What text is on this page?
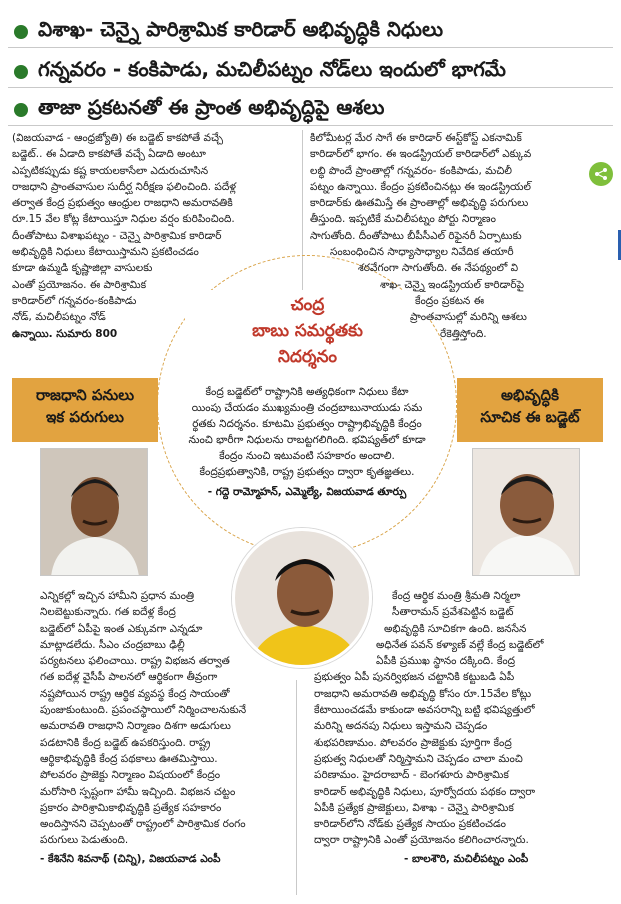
విశాఖ- చెన్నై పారిశ్రామిక కారిడార్ అభివృద్ధికి నిధులు
గన్నవరం - కంకిపాడు, మచిలీపట్నం నోడ్‌లు ఇందులో భాగమే
తాజా ప్రకటనతో ఈ ప్రాంత అభివృద్ధిపై ఆశలు
(విజయవాడ - ఆంధ్రజ్యోతి) ఈ బడ్జెట్ కాకపోతే వచ్చే
బడ్జెట్.. ఈ ఏడాది కాకపోతే వచ్చే ఏడాది అంటూ
ఎప్పటికప్పుడు కష్ట కాయలకాసేలా ఎదురుచూసిన
రాజధాని ప్రాంతవాసుల సుదీర్ఘ నిరీక్షణ ఫలించింది. పదేళ్ల
తర్వాత కేంద్ర ప్రభుత్వం ఆంధ్రుల రాజధాని అమరావతికి
రూ.15 వేల కోట్ల కేటాయిస్తూ నిధుల వర్షం కురిపించింది.
దీంతోపాటు విశాఖపట్నం - చెన్నై పారిశ్రామిక కారిడార్
అభివృద్ధికి నిధులు కేటాయిస్తామని ప్రకటించడం
కూడా ఉమ్మడి కృష్ణాజిల్లా వాసులకు
ఎంతో ప్రయోజనం. ఈ పారిశ్రామిక
కారిడార్‌లో గన్నవరం-కంకిపాడు
నోడ్, మచిలీపట్నం నోడ్
ఉన్నాయి. సుమారు 800
కిలోమీటర్ల మేర సాగే ఈ కారిడార్ ఈస్ట్‌కోస్ట్ ఎకనామిక్
కారిడార్‌లో భాగం. ఈ ఇండస్ట్రియల్ కారిడార్‌లో ఎక్కువ
లబ్ధి పొందే ప్రాంతాల్లో గన్నవరం- కంకిపాడు, మచిలీ
పట్నం ఉన్నాయి. కేంద్రం ప్రకటించినట్లు ఈ ఇండస్ట్రియల్
కారిడార్‌కు ఊతమిస్తే ఈ ప్రాంతాల్లో అభివృద్ధి పరుగులు
తీస్తుంది. ఇప్పటికే మచిలీపట్నం పోర్టు నిర్మాణం
సాగుతోంది. దీంతోపాటు బీపీసీఎల్ రిఫైనరీ ఏర్పాటుకు
సంబంధించిన సాధ్యాసాధ్యాల నివేదిక తయారీ
శరవేగంగా సాగుతోంది. ఈ నేపథ్యంలో వి
శాఖ- చెన్నై ఇండస్ట్రియల్ కారిడార్‌పై
కేంద్రం ప్రకటన ఈ
ప్రాంతవాసుల్లో మరిన్ని ఆశలు
రేకెత్తిస్తోంది.
చంద్ర
బాబు సమర్థతకు
నిదర్శనం
రాజధాని పనులు
ఇక పరుగులు
అభివృద్ధికి
సూచిక ఈ బడ్జెట్
కేంద్ర బడ్జెట్‌లో రాష్ట్రానికి అత్యధికంగా నిధులు కేటా
యింపు చేయడం ముఖ్యమంత్రి చంద్రబాబునాయుడు సమ
ర్థతకు నిదర్శనం. కూటమి ప్రభుత్వం రాష్ట్రాభివృద్ధికి కేంద్రం
నుంచి భారీగా నిధులను రాబట్టగలిగింది. భవిష్యత్‌లో కూడా
కేంద్రం నుంచి ఇటువంటి సహకారం అందాలి.
కేంద్రప్రభుత్వానికి, రాష్ట్ర ప్రభుత్వం ద్వారా కృతజ్ఞతలు.
- గద్దె రామ్మోహన్, ఎమ్మెల్యే, విజయవాడ తూర్పు
ఎన్నికల్లో ఇచ్చిన హామీని ప్రధాన మంత్రి
నిలబెట్టుకున్నారు. గత ఐదేళ్ల కేంద్ర
బడ్జెట్‌లో ఏపీపై ఇంత ఎక్కువగా ఎన్నడూ
మాట్లాడలేదు. సీఎం చంద్రబాబు ఢిల్లీ
పర్యటనలు ఫలించాయి. రాష్ట్ర విభజన తర్వాత
గత ఐదేళ్ల వైసీపీ పాలనలో ఆర్థికంగా తీవ్రంగా
నష్టపోయిన రాష్ట్ర ఆర్థిక వ్యవస్థ కేంద్ర సాయంతో
పుంజుకుంటుంది. ప్రపంచస్థాయిలో నిర్మించాలనుకునే
అమరావతి రాజధాని నిర్మాణం దిశగా అడుగులు
పడటానికి కేంద్ర బడ్జెట్ ఉపకరిస్తుంది. రాష్ట్ర
ఆర్థికాభివృద్ధికి కేంద్ర పథకాలు ఊతమిస్తాయి.
పోలవరం ప్రాజెక్టు నిర్మాణం విషయంలో కేంద్రం
మరోసారి స్పష్టంగా హామీ ఇచ్చింది. విభజన చట్టం
ప్రకారం పారిశ్రామికాభివృద్ధికి ప్రత్యేక సహకారం
అందిస్తానని చెప్పటంతో రాష్ట్రంలో పారిశ్రామిక రంగం
పరుగులు పెడుతుంది.
- కేశినేని శివనాథ్ (చిన్ని), విజయవాడ ఎంపీ
కేంద్ర ఆర్థిక మంత్రి శ్రీమతి నిర్మలా
సీతారామన్ ప్రవేశపెట్టిన బడ్జెట్
అభివృద్ధికి సూచికగా ఉంది. జనసేన
అధినేత పవన్ కళ్యాణ్ వల్లే కేంద్ర బడ్జెట్‌లో
ఏపీకి ప్రముఖ స్థానం దక్కింది. కేంద్ర
ప్రభుత్వం ఏపీ పునర్విభజన చట్టానికి కట్టుబడి ఏపీ
రాజధాని అమరావతి అభివృద్ధి కోసం రూ.15వేల కోట్లు
కేటాయించడమే కాకుండా అవసరాన్ని బట్టి భవిష్యత్తులో
మరిన్ని అదనపు నిధులు ఇస్తామని చెప్పడం
శుభపరిణామం. పోలవరం ప్రాజెక్టుకు పూర్తిగా కేంద్ర
ప్రభుత్వ నిధులతో నిర్మిస్తామని చెప్పడం చాలా మంచి
పరిణామం. హైదరాబాద్ - బెంగళూరు పారిశ్రామిక
కారిడార్ అభివృద్ధికి నిధులు, పూర్వోదయ పథకం ద్వారా
ఏపీకి ప్రత్యేక ప్రాజెక్టులు, విశాఖ - చెన్నై పారిశ్రామిక
కారిడార్‌లోని నోడ్‌కు ప్రత్యేక సాయం ప్రకటించడం
ద్వారా రాష్ట్రానికి ఎంతో ప్రయోజనం కలిగించారన్నారు.
- బాలశౌరి, మచిలీపట్నం ఎంపీ
